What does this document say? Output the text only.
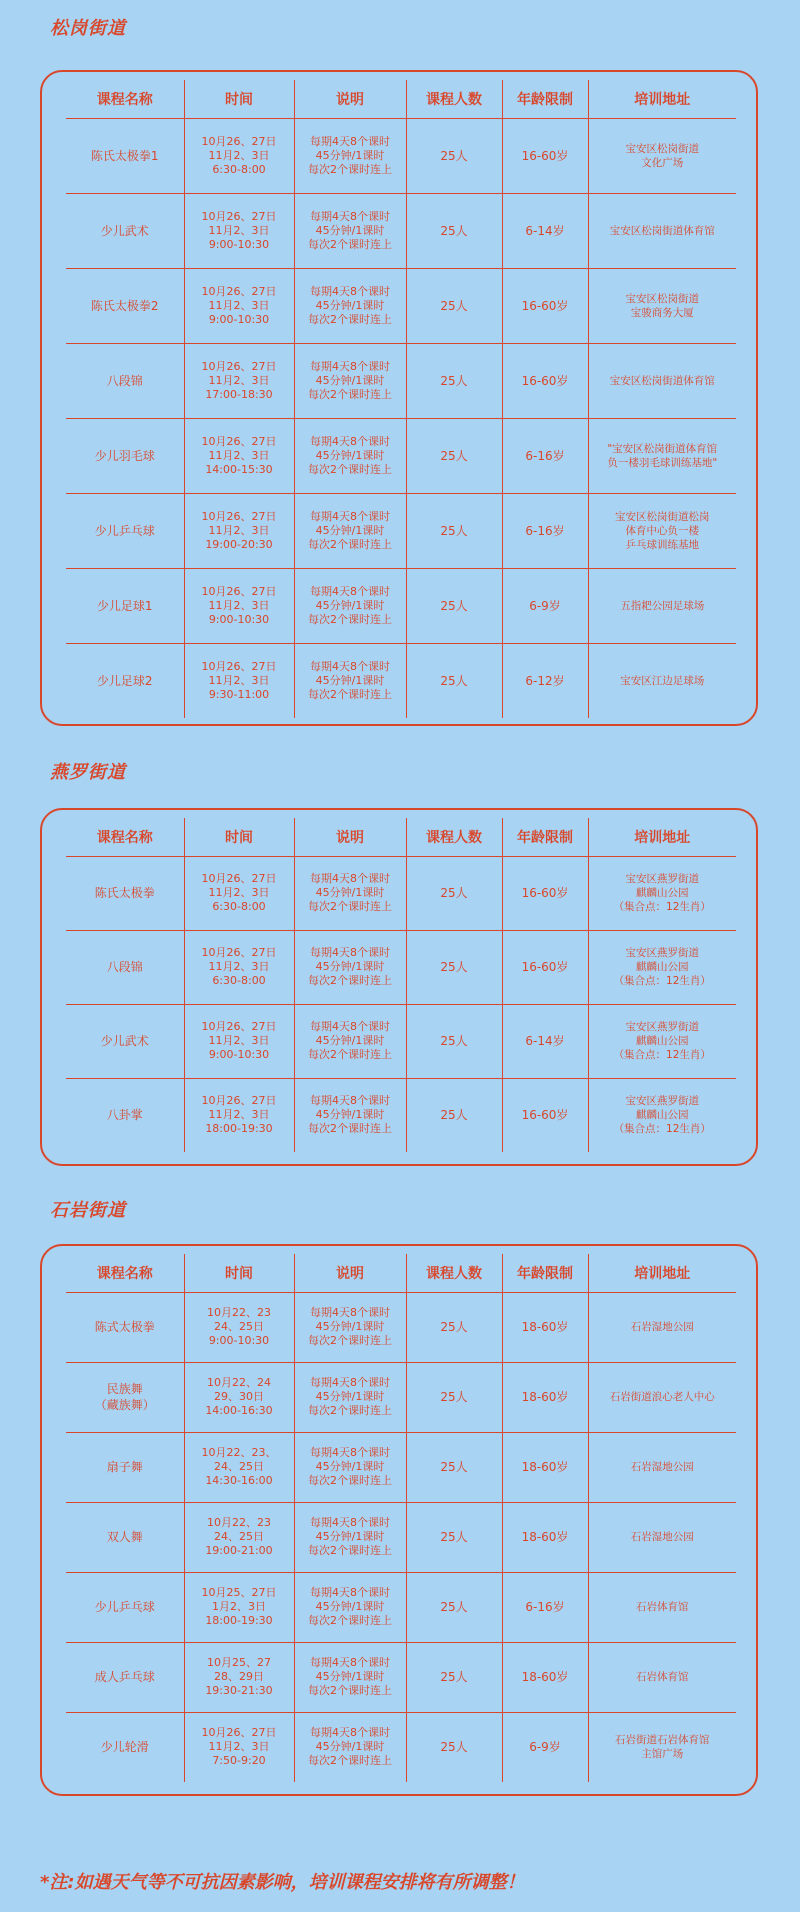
松岗街道
课程名称	时间	说明	课程人数	年龄限制	培训地址
陈氏太极拳1	10月26、27日
11月2、3日
6:30-8:00	每期4天8个课时
45分钟/1课时
每次2个课时连上	25人	16-60岁	宝安区松岗街道
文化广场
少儿武术	10月26、27日
11月2、3日
9:00-10:30	每期4天8个课时
45分钟/1课时
每次2个课时连上	25人	6-14岁	宝安区松岗街道体育馆
陈氏太极拳2	10月26、27日
11月2、3日
9:00-10:30	每期4天8个课时
45分钟/1课时
每次2个课时连上	25人	16-60岁	宝安区松岗街道
宝骏商务大厦
八段锦	10月26、27日
11月2、3日
17:00-18:30	每期4天8个课时
45分钟/1课时
每次2个课时连上	25人	16-60岁	宝安区松岗街道体育馆
少儿羽毛球	10月26、27日
11月2、3日
14:00-15:30	每期4天8个课时
45分钟/1课时
每次2个课时连上	25人	6-16岁	"宝安区松岗街道体育馆
负一楼羽毛球训练基地"
少儿乒乓球	10月26、27日
11月2、3日
19:00-20:30	每期4天8个课时
45分钟/1课时
每次2个课时连上	25人	6-16岁	宝安区松岗街道松岗
体育中心负一楼
乒乓球训练基地
少儿足球1	10月26、27日
11月2、3日
9:00-10:30	每期4天8个课时
45分钟/1课时
每次2个课时连上	25人	6-9岁	五指耙公园足球场
少儿足球2	10月26、27日
11月2、3日
9:30-11:00	每期4天8个课时
45分钟/1课时
每次2个课时连上	25人	6-12岁	宝安区江边足球场
燕罗街道
课程名称	时间	说明	课程人数	年龄限制	培训地址
陈氏太极拳	10月26、27日
11月2、3日
6:30-8:00	每期4天8个课时
45分钟/1课时
每次2个课时连上	25人	16-60岁	宝安区燕罗街道
麒麟山公园
（集合点：12生肖）
八段锦	10月26、27日
11月2、3日
6:30-8:00	每期4天8个课时
45分钟/1课时
每次2个课时连上	25人	16-60岁	宝安区燕罗街道
麒麟山公园
（集合点：12生肖）
少儿武术	10月26、27日
11月2、3日
9:00-10:30	每期4天8个课时
45分钟/1课时
每次2个课时连上	25人	6-14岁	宝安区燕罗街道
麒麟山公园
（集合点：12生肖）
八卦掌	10月26、27日
11月2、3日
18:00-19:30	每期4天8个课时
45分钟/1课时
每次2个课时连上	25人	16-60岁	宝安区燕罗街道
麒麟山公园
（集合点：12生肖）
石岩街道
课程名称	时间	说明	课程人数	年龄限制	培训地址
陈式太极拳	10月22、23
24、25日
9:00-10:30	每期4天8个课时
45分钟/1课时
每次2个课时连上	25人	18-60岁	石岩湿地公园
民族舞
（藏族舞）	10月22、24
29、30日
14:00-16:30	每期4天8个课时
45分钟/1课时
每次2个课时连上	25人	18-60岁	石岩街道浪心老人中心
扇子舞	10月22、23、
24、25日
14:30-16:00	每期4天8个课时
45分钟/1课时
每次2个课时连上	25人	18-60岁	石岩湿地公园
双人舞	10月22、23
24、25日
19:00-21:00	每期4天8个课时
45分钟/1课时
每次2个课时连上	25人	18-60岁	石岩湿地公园
少儿乒乓球	10月25、27日
1月2、3日
18:00-19:30	每期4天8个课时
45分钟/1课时
每次2个课时连上	25人	6-16岁	石岩体育馆
成人乒乓球	10月25、27
28、29日
19:30-21:30	每期4天8个课时
45分钟/1课时
每次2个课时连上	25人	18-60岁	石岩体育馆
少儿轮滑	10月26、27日
11月2、3日
7:50-9:20	每期4天8个课时
45分钟/1课时
每次2个课时连上	25人	6-9岁	石岩街道石岩体育馆
主馆广场
*注:如遇天气等不可抗因素影响，培训课程安排将有所调整！
